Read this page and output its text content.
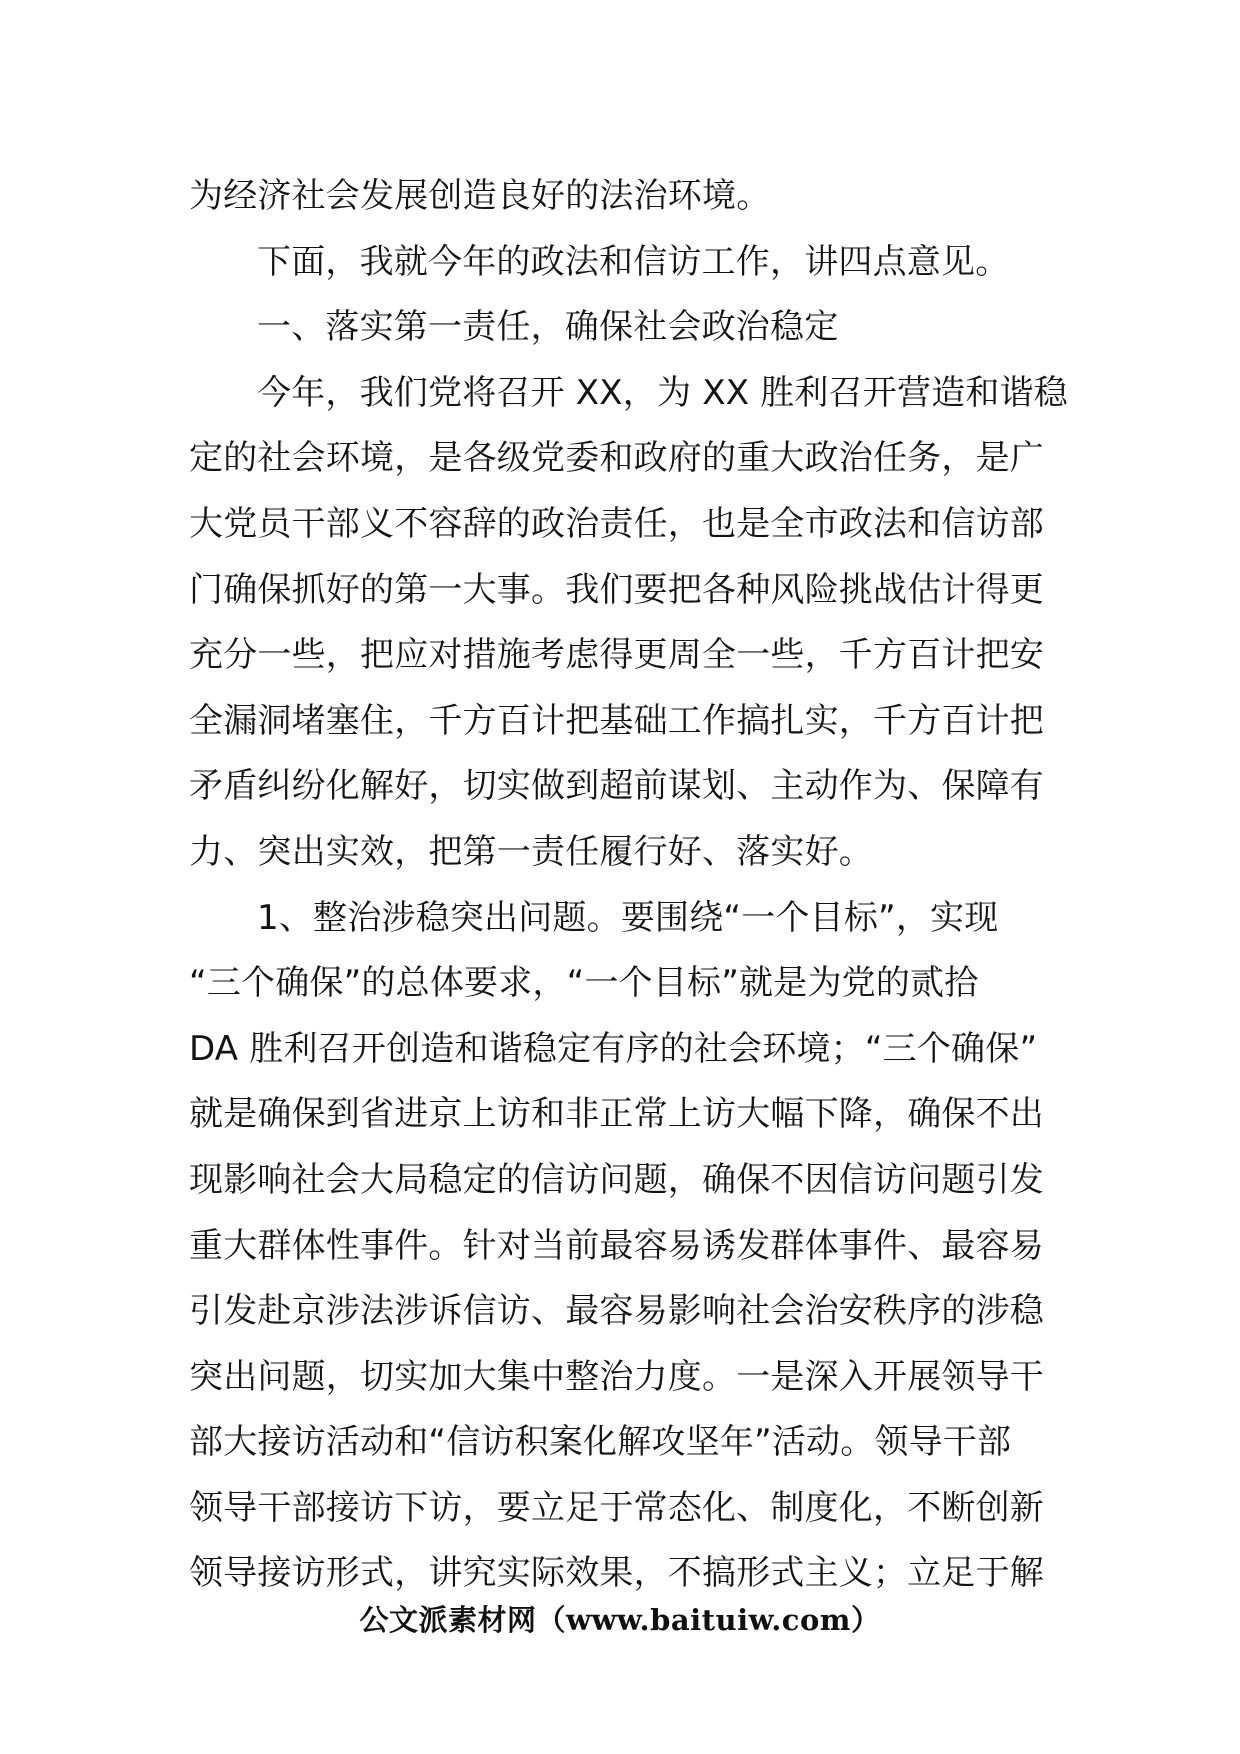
为经济社会发展创造良好的法治环境。
下面，我就今年的政法和信访工作，讲四点意见。
一、落实第一责任，确保社会政治稳定
今年，我们党将召开 XX，为 XX 胜利召开营造和谐稳
定的社会环境，是各级党委和政府的重大政治任务，是广
大党员干部义不容辞的政治责任，也是全市政法和信访部
门确保抓好的第一大事。我们要把各种风险挑战估计得更
充分一些，把应对措施考虑得更周全一些，千方百计把安
全漏洞堵塞住，千方百计把基础工作搞扎实，千方百计把
矛盾纠纷化解好，切实做到超前谋划、主动作为、保障有
力、突出实效，把第一责任履行好、落实好。
1、整治涉稳突出问题。要围绕“一个目标”，实现
“三个确保”的总体要求，“一个目标”就是为党的贰拾
DA 胜利召开创造和谐稳定有序的社会环境；“三个确保”
就是确保到省进京上访和非正常上访大幅下降，确保不出
现影响社会大局稳定的信访问题，确保不因信访问题引发
重大群体性事件。针对当前最容易诱发群体事件、最容易
引发赴京涉法涉诉信访、最容易影响社会治安秩序的涉稳
突出问题，切实加大集中整治力度。一是深入开展领导干
部大接访活动和“信访积案化解攻坚年”活动。领导干部
领导干部接访下访，要立足于常态化、制度化，不断创新
领导接访形式，讲究实际效果，不搞形式主义；立足于解
公文派素材网（www.baituiw.com）
